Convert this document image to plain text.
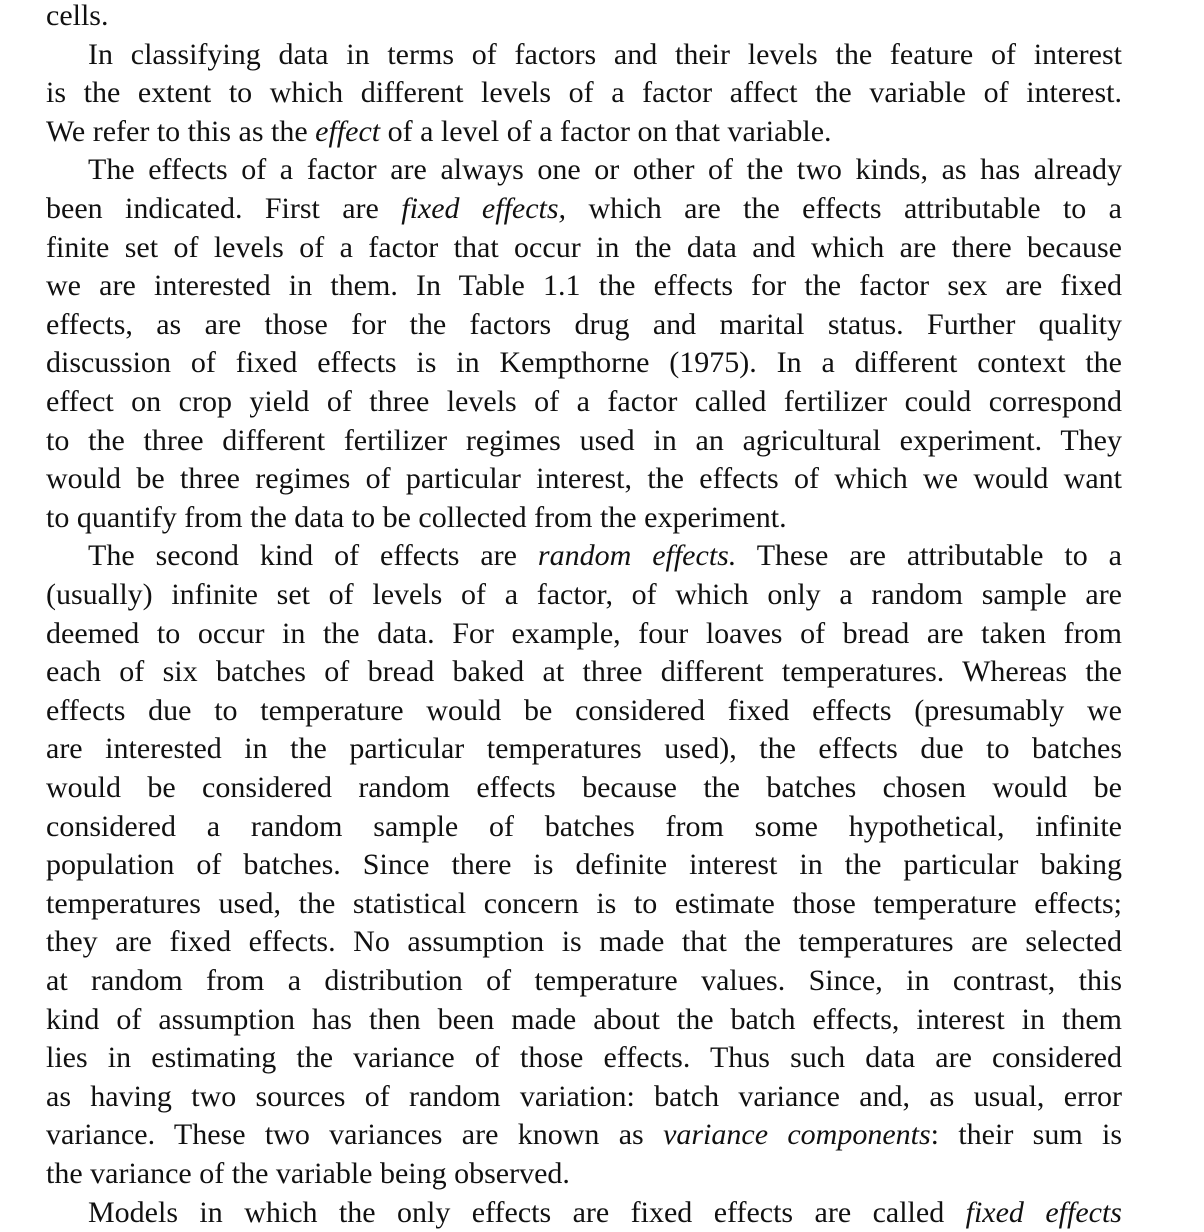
cells.
In classifying data in terms of factors and their levels the feature of interest
is the extent to which different levels of a factor affect the variable of interest.
We refer to this as the effect of a level of a factor on that variable.
The effects of a factor are always one or other of the two kinds, as has already
been indicated. First are fixed effects, which are the effects attributable to a
finite set of levels of a factor that occur in the data and which are there because
we are interested in them. In Table 1.1 the effects for the factor sex are fixed
effects, as are those for the factors drug and marital status. Further quality
discussion of fixed effects is in Kempthorne (1975). In a different context the
effect on crop yield of three levels of a factor called fertilizer could correspond
to the three different fertilizer regimes used in an agricultural experiment. They
would be three regimes of particular interest, the effects of which we would want
to quantify from the data to be collected from the experiment.
The second kind of effects are random effects. These are attributable to a
(usually) infinite set of levels of a factor, of which only a random sample are
deemed to occur in the data. For example, four loaves of bread are taken from
each of six batches of bread baked at three different temperatures. Whereas the
effects due to temperature would be considered fixed effects (presumably we
are interested in the particular temperatures used), the effects due to batches
would be considered random effects because the batches chosen would be
considered a random sample of batches from some hypothetical, infinite
population of batches. Since there is definite interest in the particular baking
temperatures used, the statistical concern is to estimate those temperature effects;
they are fixed effects. No assumption is made that the temperatures are selected
at random from a distribution of temperature values. Since, in contrast, this
kind of assumption has then been made about the batch effects, interest in them
lies in estimating the variance of those effects. Thus such data are considered
as having two sources of random variation: batch variance and, as usual, error
variance. These two variances are known as variance components: their sum is
the variance of the variable being observed.
Models in which the only effects are fixed effects are called fixed effects
